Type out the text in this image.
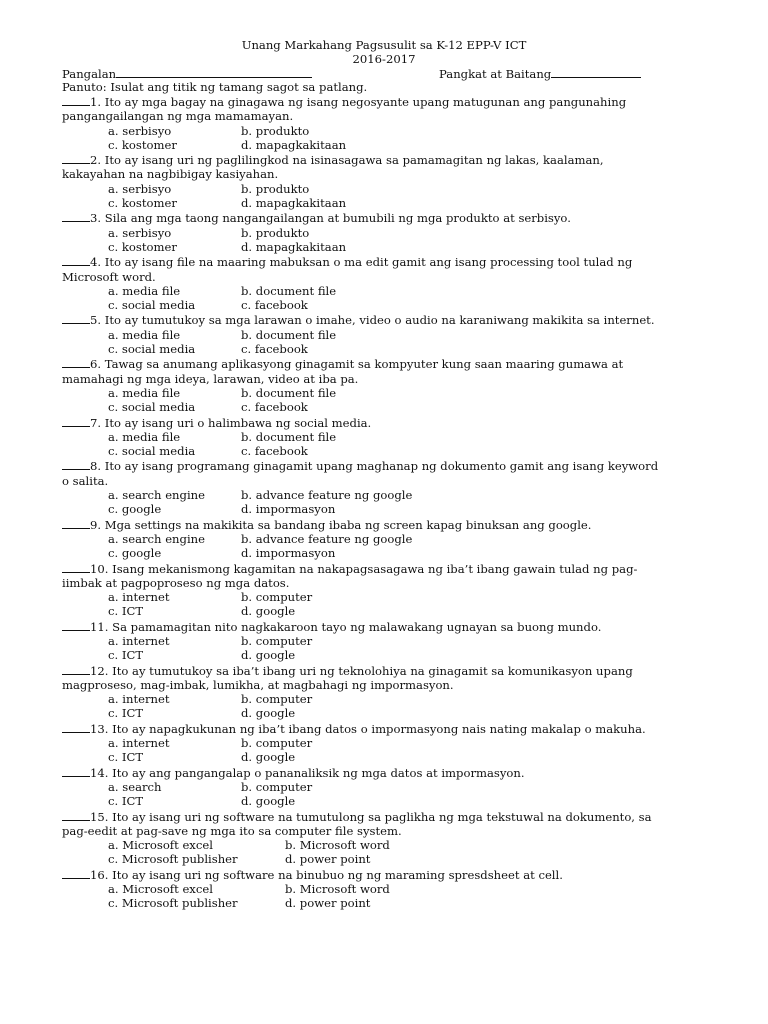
Unang Markahang Pagsusulit sa K-12 EPP-V ICT
2016-2017
Pangalan	Pangkat at Baitang
Panuto: Isulat ang titik ng tamang sagot sa patlang.
1. Ito ay mga bagay na ginagawa ng isang negosyante upang matugunan ang pangunahing
pangangailangan ng mga mamamayan.
a. serbisyo	b. produkto
c. kostomer	d. mapagkakitaan
2. Ito ay isang uri ng paglilingkod na isinasagawa sa pamamagitan ng lakas, kaalaman,
kakayahan na nagbibigay kasiyahan.
a. serbisyo	b. produkto
c. kostomer	d. mapagkakitaan
3. Sila ang mga taong nangangailangan at bumubili ng mga produkto at serbisyo.
a. serbisyo	b. produkto
c. kostomer	d. mapagkakitaan
4. Ito ay isang file na maaring mabuksan o ma edit gamit ang isang processing tool tulad ng
Microsoft word.
a. media file	b. document file
c. social media	c. facebook
5. Ito ay tumutukoy sa mga larawan o imahe, video o audio na karaniwang makikita sa internet.
a. media file	b. document file
c. social media	c. facebook
6. Tawag sa anumang aplikasyong ginagamit sa kompyuter kung saan maaring gumawa at
mamahagi ng mga ideya, larawan, video at iba pa.
a. media file	b. document file
c. social media	c. facebook
7. Ito ay isang uri o halimbawa ng social media.
a. media file	b. document file
c. social media	c. facebook
8. Ito ay isang programang ginagamit upang maghanap ng dokumento gamit ang isang keyword
o salita.
a. search engine	b. advance feature ng google
c. google	d. impormasyon
9. Mga settings na makikita sa bandang ibaba ng screen kapag binuksan ang google.
a. search engine	b. advance feature ng google
c. google	d. impormasyon
10. Isang mekanismong kagamitan na nakapagsasagawa ng iba’t ibang gawain tulad ng pag-
iimbak at pagpoproseso ng mga datos.
a. internet	b. computer
c. ICT	d. google
11. Sa pamamagitan nito nagkakaroon tayo ng malawakang ugnayan sa buong mundo.
a. internet	b. computer
c. ICT	d. google
12. Ito ay tumutukoy sa iba’t ibang uri ng teknolohiya na ginagamit sa komunikasyon upang
magproseso, mag-imbak, lumikha, at magbahagi ng impormasyon.
a. internet	b. computer
c. ICT	d. google
13. Ito ay napagkukunan ng iba’t ibang datos o impormasyong nais nating makalap o makuha.
a. internet	b. computer
c. ICT	d. google
14. Ito ay ang pangangalap o pananaliksik ng mga datos at impormasyon.
a. search	b. computer
c. ICT	d. google
15. Ito ay isang uri ng software na tumutulong sa paglikha ng mga tekstuwal na dokumento, sa
pag-eedit at pag-save ng mga ito sa computer file system.
a. Microsoft excel	b. Microsoft word
c. Microsoft publisher	d. power point
16. Ito ay isang uri ng software na binubuo ng ng maraming spresdsheet at cell.
a. Microsoft excel	b. Microsoft word
c. Microsoft publisher	d. power point
